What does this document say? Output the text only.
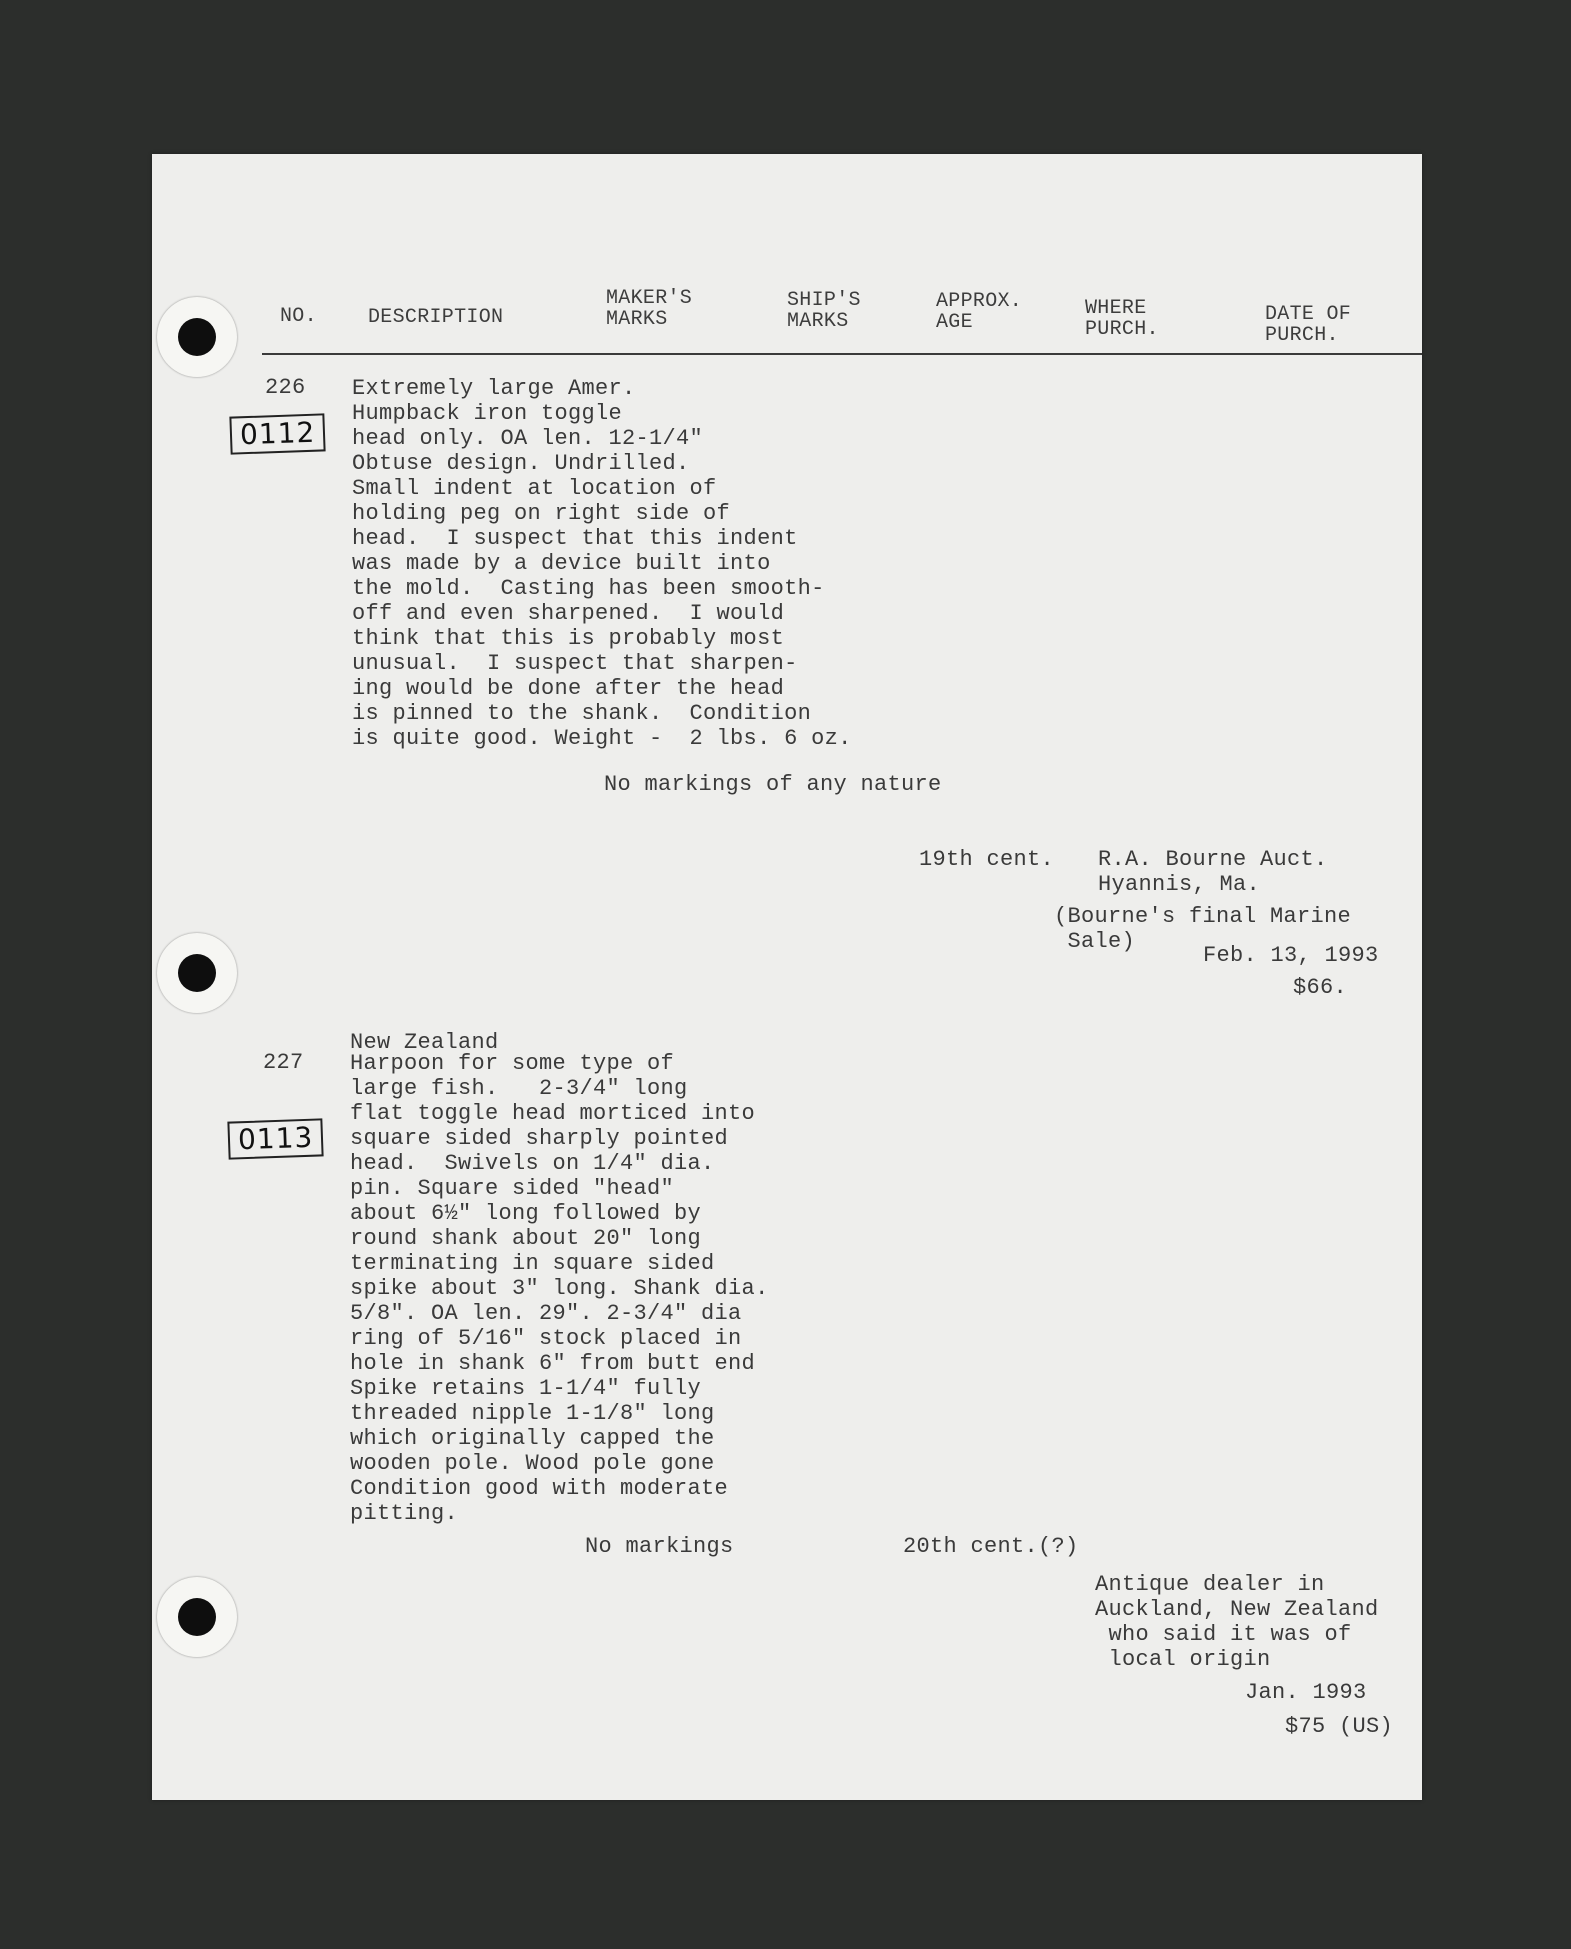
NO.	DESCRIPTION
MAKER'S
MARKS
SHIP'S
MARKS
APPROX.
AGE
WHERE
PURCH.
DATE OF
PURCH.
226
0112
Extremely large Amer.
Humpback iron toggle
head only. OA len. 12-1/4"
Obtuse design. Undrilled.
Small indent at location of
holding peg on right side of
head.  I suspect that this indent
was made by a device built into
the mold.  Casting has been smooth-
off and even sharpened.  I would
think that this is probably most
unusual.  I suspect that sharpen-
ing would be done after the head
is pinned to the shank.  Condition
is quite good. Weight -  2 lbs. 6 oz.
No markings of any nature
19th cent. R.A. Bourne Auct.
Hyannis, Ma.
(Bourne's final Marine
Sale)
Feb. 13, 1993
$66.
New Zealand
227
0113
Harpoon for some type of
large fish.   2-3/4" long
flat toggle head morticed into
square sided sharply pointed
head.  Swivels on 1/4" dia.
pin. Square sided "head"
about 6½" long followed by
round shank about 20" long
terminating in square sided
spike about 3" long. Shank dia.
5/8". OA len. 29". 2-3/4" dia
ring of 5/16" stock placed in
hole in shank 6" from butt end
Spike retains 1-1/4" fully
threaded nipple 1-1/8" long
which originally capped the
wooden pole. Wood pole gone
Condition good with moderate
pitting.
No markings	20th cent.(?)
Antique dealer in
Auckland, New Zealand
who said it was of
local origin
Jan. 1993
$75 (US)
